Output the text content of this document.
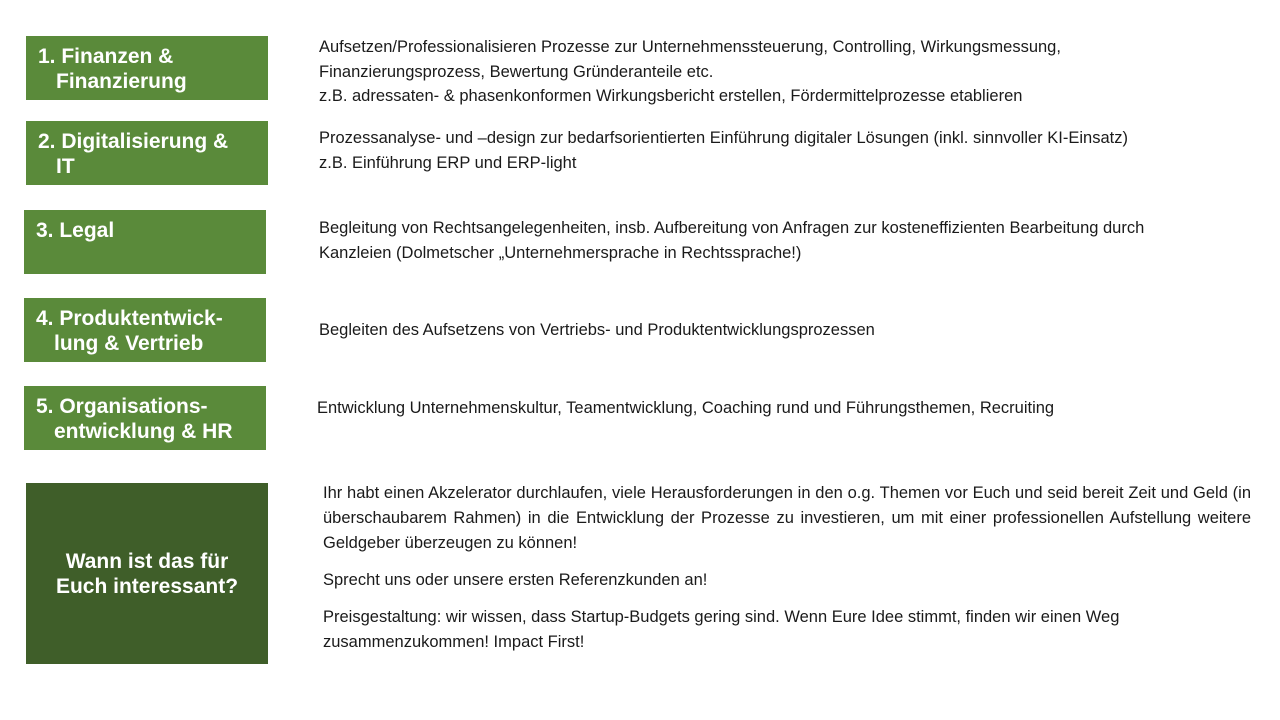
1. Finanzen &
Finanzierung
Aufsetzen/Professionalisieren Prozesse zur Unternehmenssteuerung, Controlling, Wirkungsmessung,
Finanzierungsprozess, Bewertung Gründeranteile etc.
z.B. adressaten- & phasenkonformen Wirkungsbericht erstellen, Fördermittelprozesse etablieren
2. Digitalisierung &
IT
Prozessanalyse- und –design zur bedarfsorientierten Einführung digitaler Lösungen (inkl. sinnvoller KI-Einsatz)
z.B. Einführung ERP und ERP-light
3. Legal	Begleitung von Rechtsangelegenheiten, insb. Aufbereitung von Anfragen zur kosteneffizienten Bearbeitung durch
Kanzleien (Dolmetscher „Unternehmersprache in Rechtssprache!)
4. Produktentwick-
lung & Vertrieb
Begleiten des Aufsetzens von Vertriebs- und Produktentwicklungsprozessen
5. Organisations-
entwicklung & HR
Entwicklung Unternehmenskultur, Teamentwicklung, Coaching rund und Führungsthemen, Recruiting
Wann ist das für
Euch interessant?

Ihr habt einen Akzelerator durchlaufen, viele Herausforderungen in den o.g. Themen vor Euch und seid bereit Zeit und Geld (in überschaubarem Rahmen) in die Entwicklung der Prozesse zu investieren, um mit einer professionellen Aufstellung weitere Geldgeber überzeugen zu können!

Sprecht uns oder unsere ersten Referenzkunden an!

Preisgestaltung: wir wissen, dass Startup-Budgets gering sind. Wenn Eure Idee stimmt, finden wir einen Weg zusammenzukommen! Impact First!
